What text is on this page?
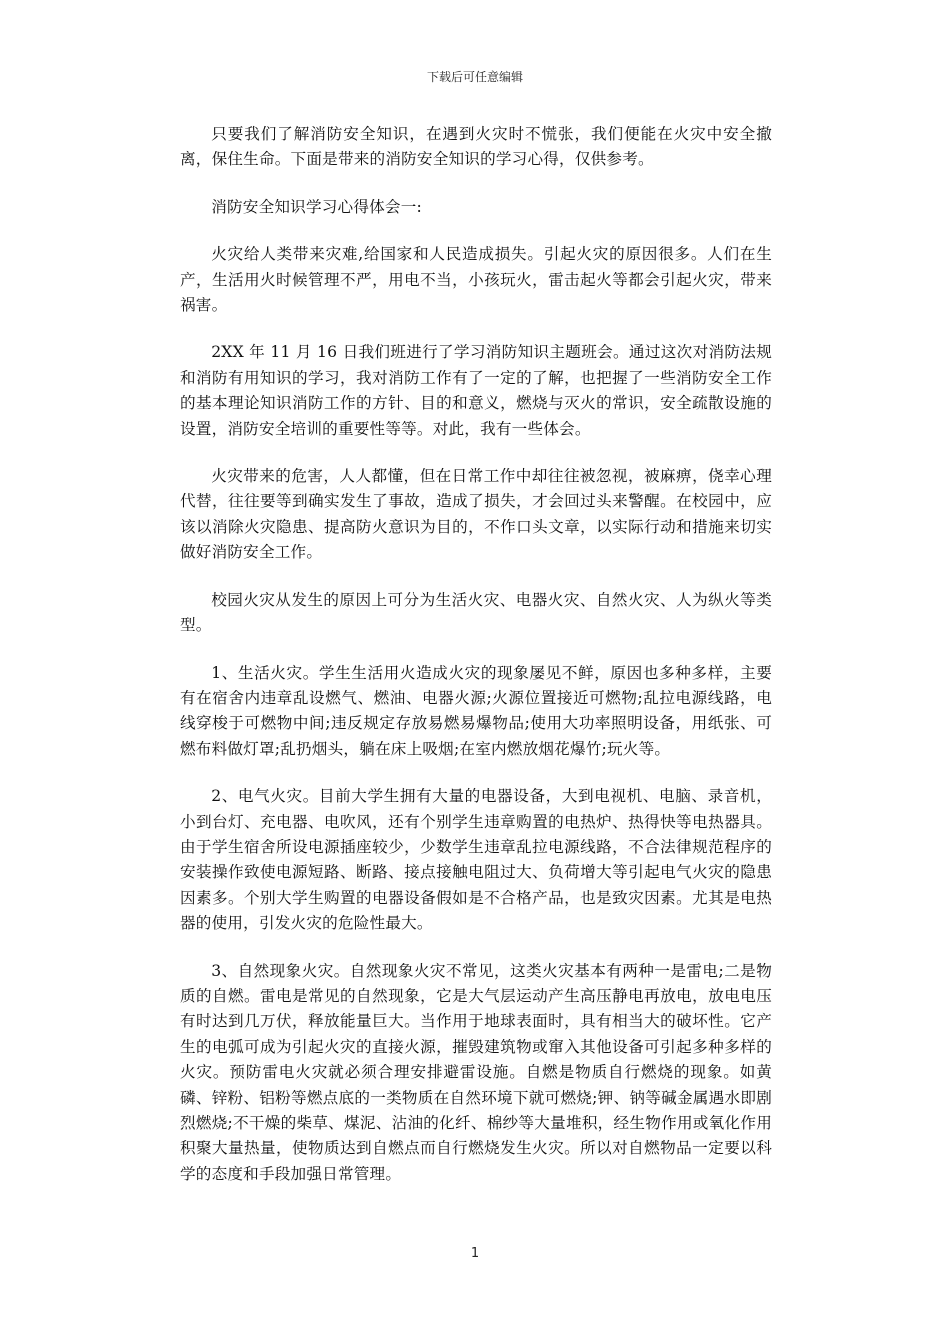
下载后可任意编辑

只要我们了解消防安全知识，在遇到火灾时不慌张，我们便能在火灾中安全撤离，保住生命。下面是带来的消防安全知识的学习心得，仅供参考。

消防安全知识学习心得体会一:

火灾给人类带来灾难,给国家和人民造成损失。引起火灾的原因很多。人们在生产，生活用火时候管理不严，用电不当，小孩玩火，雷击起火等都会引起火灾，带来祸害。

2XX 年 11 月 16 日我们班进行了学习消防知识主题班会。通过这次对消防法规和消防有用知识的学习，我对消防工作有了一定的了解，也把握了一些消防安全工作的基本理论知识消防工作的方针、目的和意义，燃烧与灭火的常识，安全疏散设施的设置，消防安全培训的重要性等等。对此，我有一些体会。

火灾带来的危害，人人都懂，但在日常工作中却往往被忽视，被麻痹，侥幸心理代替，往往要等到确实发生了事故，造成了损失，才会回过头来警醒。在校园中，应该以消除火灾隐患、提高防火意识为目的，不作口头文章，以实际行动和措施来切实做好消防安全工作。

校园火灾从发生的原因上可分为生活火灾、电器火灾、自然火灾、人为纵火等类型。

1、生活火灾。学生生活用火造成火灾的现象屡见不鲜，原因也多种多样，主要有在宿舍内违章乱设燃气、燃油、电器火源;火源位置接近可燃物;乱拉电源线路，电线穿梭于可燃物中间;违反规定存放易燃易爆物品;使用大功率照明设备，用纸张、可燃布料做灯罩;乱扔烟头，躺在床上吸烟;在室内燃放烟花爆竹;玩火等。

2、电气火灾。目前大学生拥有大量的电器设备，大到电视机、电脑、录音机，小到台灯、充电器、电吹风，还有个别学生违章购置的电热炉、热得快等电热器具。由于学生宿舍所设电源插座较少，少数学生违章乱拉电源线路，不合法律规范程序的安装操作致使电源短路、断路、接点接触电阻过大、负荷增大等引起电气火灾的隐患因素多。个别大学生购置的电器设备假如是不合格产品，也是致灾因素。尤其是电热器的使用，引发火灾的危险性最大。

3、自然现象火灾。自然现象火灾不常见，这类火灾基本有两种一是雷电;二是物质的自燃。雷电是常见的自然现象，它是大气层运动产生高压静电再放电，放电电压有时达到几万伏，释放能量巨大。当作用于地球表面时，具有相当大的破坏性。它产生的电弧可成为引起火灾的直接火源，摧毁建筑物或窜入其他设备可引起多种多样的火灾。预防雷电火灾就必须合理安排避雷设施。自燃是物质自行燃烧的现象。如黄磷、锌粉、铝粉等燃点底的一类物质在自然环境下就可燃烧;钾、钠等碱金属遇水即剧烈燃烧;不干燥的柴草、煤泥、沾油的化纤、棉纱等大量堆积，经生物作用或氧化作用积聚大量热量，使物质达到自燃点而自行燃烧发生火灾。所以对自燃物品一定要以科学的态度和手段加强日常管理。

1
